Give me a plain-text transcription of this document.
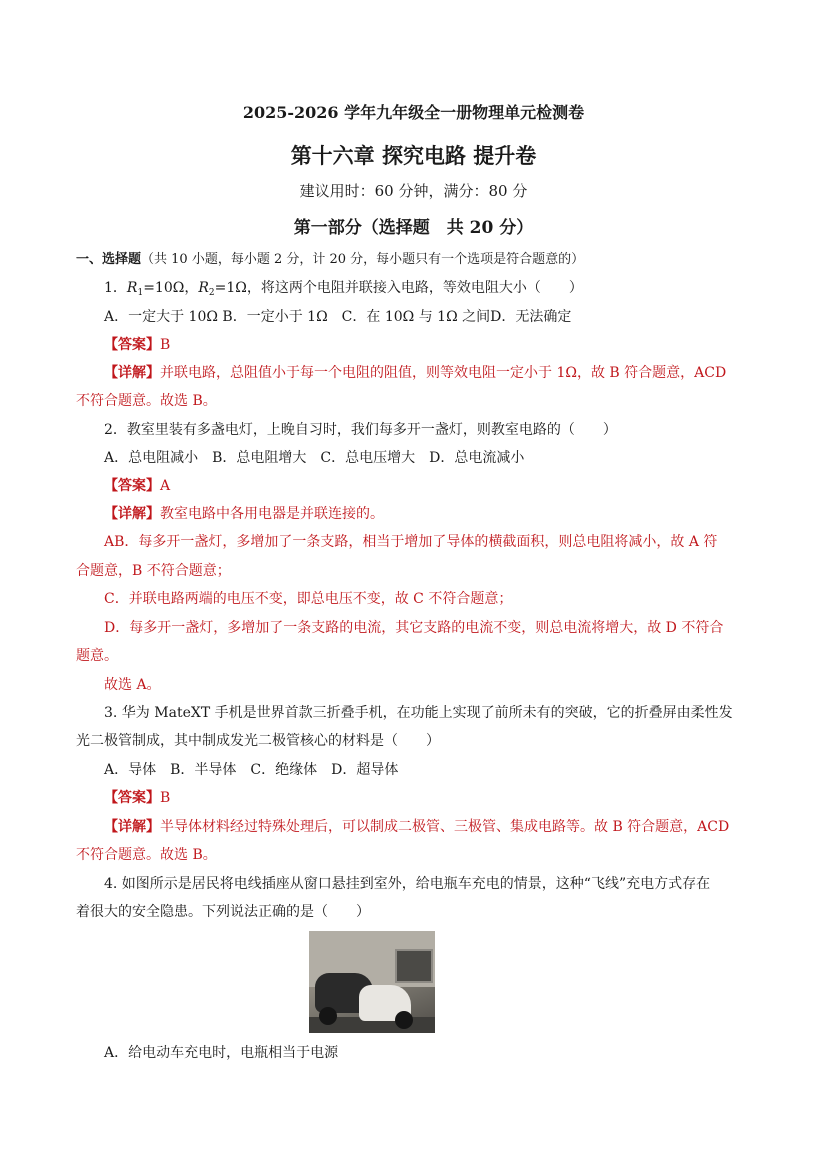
2025-2026 学年九年级全一册物理单元检测卷
第十六章 探究电路 提升卷
建议用时：60 分钟，满分：80 分
第一部分（选择题　共 20 分）
一、选择题（共 10 小题，每小题 2 分，计 20 分，每小题只有一个选项是符合题意的）
1．$R_1=10\Omega$，$R_2=1\Omega$，将这两个电阻并联接入电路，等效电阻大小（　　）
A．一定大于 10Ω B．一定小于 1Ω　C．在 10Ω 与 1Ω 之间D．无法确定
【答案】B
【详解】并联电路，总阻值小于每一个电阻的阻值，则等效电阻一定小于 1Ω，故 B 符合题意，ACD
不符合题意。故选 B。
2．教室里装有多盏电灯，上晚自习时，我们每多开一盏灯，则教室电路的（　　）
A．总电阻减小　B．总电阻增大　C．总电压增大　D．总电流减小
【答案】A
【详解】教室电路中各用电器是并联连接的。
AB．每多开一盏灯，多增加了一条支路，相当于增加了导体的横截面积，则总电阻将减小，故 A 符
合题意，B 不符合题意；
C．并联电路两端的电压不变，即总电压不变，故 C 不符合题意；
D．每多开一盏灯，多增加了一条支路的电流，其它支路的电流不变，则总电流将增大，故 D 不符合
题意。
故选 A。
3. 华为 MateXT 手机是世界首款三折叠手机，在功能上实现了前所未有的突破，它的折叠屏由柔性发
光二极管制成，其中制成发光二极管核心的材料是（　　）
A．导体　B．半导体　C．绝缘体　D．超导体
【答案】B
【详解】半导体材料经过特殊处理后，可以制成二极管、三极管、集成电路等。故 B 符合题意，ACD
不符合题意。故选 B。
4. 如图所示是居民将电线插座从窗口悬挂到室外，给电瓶车充电的情景，这种“飞线”充电方式存在
着很大的安全隐患。下列说法正确的是（　　）
A．给电动车充电时，电瓶相当于电源
